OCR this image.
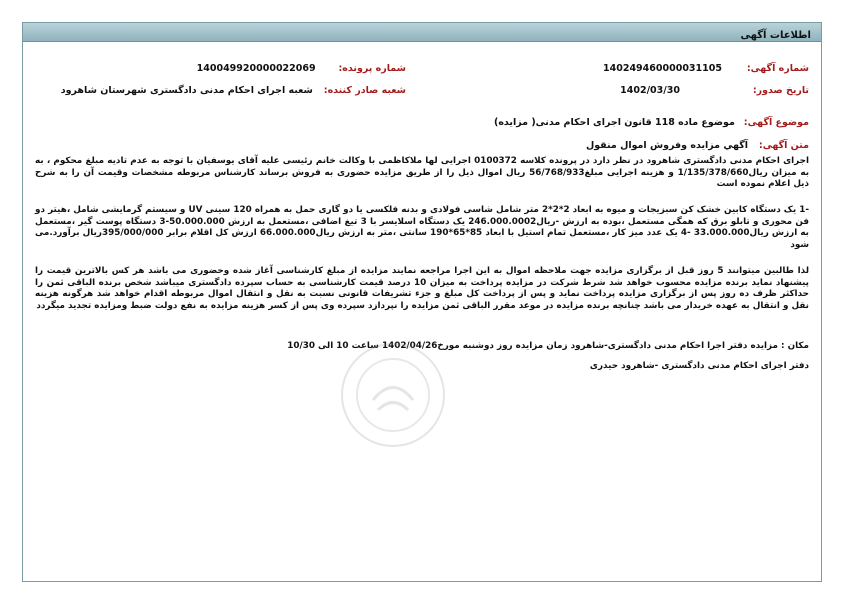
اطلاعات آگهی
شماره آگهی: 140249460000031105
شماره پرونده: 140049920000022069
تاریخ صدور: 1402/03/30
شعبه صادر کننده: شعبه اجرای احکام مدنی دادگستری شهرستان شاهرود
موضوع آگهی: موضوع ماده 118 قانون اجرای احکام مدنی( مزایده)
متن آگهی: آگهي مزايده وفروش اموال منقول
اجرای احکام مدنی دادگستری شاهرود در نظر دارد در پرونده کلاسه 0100372 اجرایی لها ملاکاظمی با وکالت خانم رئیسی علیه آقای یوسفیان با توجه به عدم تادیه مبلغ محکوم ، به به میزان ریال1/135/378/660 و هزینه اجرایی مبلغ56/768/933 ریال اموال ذیل را از طریق مزایده حضوری به فروش برساند کارشناس مربوطه مشخصات وقیمت آن را به شرح ذیل اعلام نموده است
-1 یک دستگاه کابین خشک کن سبزیجات و میوه به ابعاد 2*2*2 متر شامل شاسی فولادی و بدنه فلکسی یا دو گاری حمل به همراه 120 سینی UV و سیستم گرمایشی شامل ،هیتر دو فن محوری و تابلو برق که همگی مستعمل ،بوده به ارزش -ریال246.000.0002 یک دستگاه اسلایسر با 3 تیغ اضافی ،مستعمل به ارزش 50.000.000-3 دستگاه پوست گیر ،مستعمل به ارزش ریال33.000.000 -4 یک عدد میز کار ،مستعمل تمام استیل با ابعاد 85*65*190 سانتی ،متر به ارزش ریال66.000.000 ارزش کل اقلام برابر 395/000/000ریال برآورد.می شود
لذا طالبین میتوانند 5 روز قبل از برگزاری مزایده جهت ملاحظه اموال به این اجرا مراجعه نمایند مزایده از مبلغ کارشناسی آغاز شده وحضوری می باشد هر کس بالاترین قیمت را پیشنهاد نماید برنده مزایده محسوب خواهد شد شرط شرکت در مزایده پرداخت به میزان 10 درصد قیمت کارشناسی به حساب سپرده دادگستری میباشد شخص برنده الباقی ثمن را حداکثر ظرف ده روز پس از برگزاری مزایده پرداخت نماید و پس از پرداخت کل مبلغ و جزء تشریفات قانونی نسبت به نقل و انتقال اموال مربوطه اقدام خواهد شد هرگونه هزینه نقل و انتقال به عهده خریدار می باشد چنانچه برنده مزایده در موعد مقرر الباقی ثمن مزایده را نپردازد سپرده وی پس از کسر هزینه مزایده به نفع دولت ضبط ومزایده تجدید میگردد
مکان : مزایده دفتر اجرا احکام مدنی دادگستری-شاهرود زمان مزایده روز دوشنبه مورخ1402/04/26 ساعت 10 الی 10/30
دفتر اجرای احکام مدنی دادگستری -شاهرود حیدری
